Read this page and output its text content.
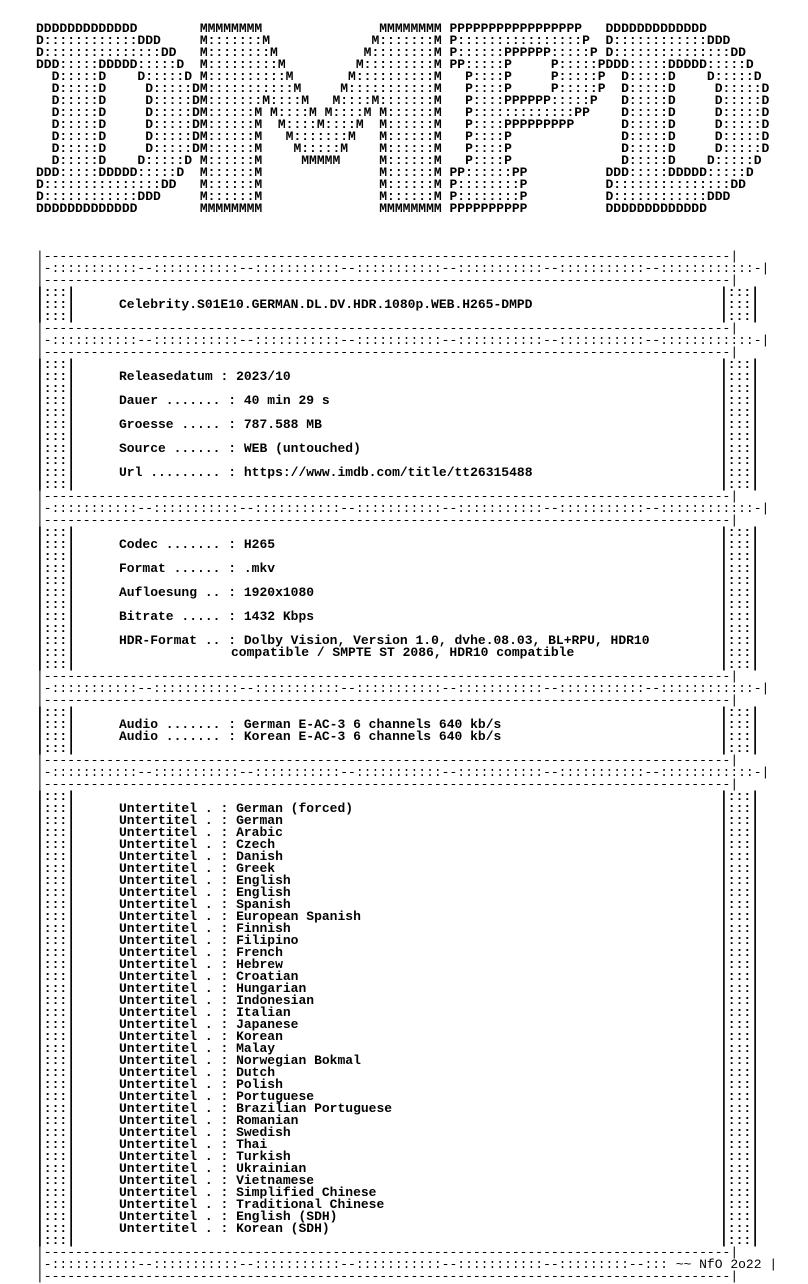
DDDDDDDDDDDDD        MMMMMMMM               MMMMMMMM PPPPPPPPPPPPPPPPP   DDDDDDDDDDDDD
D::::::::::::DDD     M:::::::M             M:::::::M P::::::::::::::::P  D::::::::::::DDD
D:::::::::::::::DD   M::::::::M           M::::::::M P::::::PPPPPP:::::P D:::::::::::::::DD
DDD:::::DDDDD:::::D  M:::::::::M         M:::::::::M PP:::::P     P:::::PDDD:::::DDDDD:::::D
D:::::D    D:::::D M::::::::::M       M::::::::::M   P::::P     P:::::P  D:::::D    D:::::D
D:::::D     D:::::DM:::::::::::M     M:::::::::::M   P::::P     P:::::P  D:::::D     D:::::D
D:::::D     D:::::DM:::::::M::::M   M::::M:::::::M   P::::PPPPPP:::::P   D:::::D     D:::::D
D:::::D     D:::::DM::::::M M::::M M::::M M::::::M   P:::::::::::::PP    D:::::D     D:::::D
D:::::D     D:::::DM::::::M  M::::M::::M  M::::::M   P::::PPPPPPPPP      D:::::D     D:::::D
D:::::D     D:::::DM::::::M   M:::::::M   M::::::M   P::::P              D:::::D     D:::::D
D:::::D     D:::::DM::::::M    M:::::M    M::::::M   P::::P              D:::::D     D:::::D
D:::::D    D:::::D M::::::M     MMMMM     M::::::M   P::::P              D:::::D    D:::::D
DDD:::::DDDDD:::::D  M::::::M               M::::::M PP::::::PP          DDD:::::DDDDD:::::D
D:::::::::::::::DD   M::::::M               M::::::M P::::::::P          D:::::::::::::::DD
D::::::::::::DDD     M::::::M               M::::::M P::::::::P          D::::::::::::DDD
DDDDDDDDDDDDD        MMMMMMMM               MMMMMMMM PPPPPPPPPP          DDDDDDDDDDDDD
|----------------------------------------------------------------------------------------|
|-:::::::::::--:::::::::::--:::::::::::--:::::::::::--:::::::::::--:::::::::::--::::::::::::-|
|----------------------------------------------------------------------------------------|
|:::|
|:::|
|:::|
|:::|
|:::|
|:::|
Celebrity.S01E10.GERMAN.DL.DV.HDR.1080p.WEB.H265-DMPD
|----------------------------------------------------------------------------------------|
|-:::::::::::--:::::::::::--:::::::::::--:::::::::::--:::::::::::--:::::::::::--::::::::::::-|
|----------------------------------------------------------------------------------------|
|:::|
|:::|
|:::|
|:::|
|:::|
|:::|
|:::|
|:::|
|:::|
|:::|
|:::|
|:::|
|:::|
|:::|
|:::|
|:::|
|:::|
|:::|
|:::|
|:::|
|:::|
|:::|
Releasedatum : 2023/10
Dauer ....... : 40 min 29 s
Groesse ..... : 787.588 MB
Source ...... : WEB (untouched)
Url ......... : https://www.imdb.com/title/tt26315488
|----------------------------------------------------------------------------------------|
|-:::::::::::--:::::::::::--:::::::::::--:::::::::::--:::::::::::--:::::::::::--::::::::::::-|
|----------------------------------------------------------------------------------------|
|:::|
|:::|
|:::|
|:::|
|:::|
|:::|
|:::|
|:::|
|:::|
|:::|
|:::|
|:::|
|:::|
|:::|
|:::|
|:::|
|:::|
|:::|
|:::|
|:::|
|:::|
|:::|
|:::|
|:::|
Codec ....... : H265
Format ...... : .mkv
Aufloesung .. : 1920x1080
Bitrate ..... : 1432 Kbps
HDR-Format .. : Dolby Vision, Version 1.0, dvhe.08.03, BL+RPU, HDR10
compatible / SMPTE ST 2086, HDR10 compatible
|----------------------------------------------------------------------------------------|
|-:::::::::::--:::::::::::--:::::::::::--:::::::::::--:::::::::::--:::::::::::--::::::::::::-|
|----------------------------------------------------------------------------------------|
|:::|
|:::|
|:::|
|:::|
|:::|
|:::|
|:::|
|:::|
Audio ....... : German E-AC-3 6 channels 640 kb/s
Audio ....... : Korean E-AC-3 6 channels 640 kb/s
|----------------------------------------------------------------------------------------|
|-:::::::::::--:::::::::::--:::::::::::--:::::::::::--:::::::::::--:::::::::::--::::::::::::-|
|----------------------------------------------------------------------------------------|
|:::|
|:::|
|:::|
|:::|
|:::|
|:::|
|:::|
|:::|
|:::|
|:::|
|:::|
|:::|
|:::|
|:::|
|:::|
|:::|
|:::|
|:::|
|:::|
|:::|
|:::|
|:::|
|:::|
|:::|
|:::|
|:::|
|:::|
|:::|
|:::|
|:::|
|:::|
|:::|
|:::|
|:::|
|:::|
|:::|
|:::|
|:::|
|:::|
|:::|
|:::|
|:::|
|:::|
|:::|
|:::|
|:::|
|:::|
|:::|
|:::|
|:::|
|:::|
|:::|
|:::|
|:::|
|:::|
|:::|
|:::|
|:::|
|:::|
|:::|
|:::|
|:::|
|:::|
|:::|
|:::|
|:::|
|:::|
|:::|
|:::|
|:::|
|:::|
|:::|
|:::|
|:::|
|:::|
|:::|
Untertitel . : German (forced)
Untertitel . : German
Untertitel . : Arabic
Untertitel . : Czech
Untertitel . : Danish
Untertitel . : Greek
Untertitel . : English
Untertitel . : English
Untertitel . : Spanish
Untertitel . : European Spanish
Untertitel . : Finnish
Untertitel . : Filipino
Untertitel . : French
Untertitel . : Hebrew
Untertitel . : Croatian
Untertitel . : Hungarian
Untertitel . : Indonesian
Untertitel . : Italian
Untertitel . : Japanese
Untertitel . : Korean
Untertitel . : Malay
Untertitel . : Norwegian Bokmal
Untertitel . : Dutch
Untertitel . : Polish
Untertitel . : Portuguese
Untertitel . : Brazilian Portuguese
Untertitel . : Romanian
Untertitel . : Swedish
Untertitel . : Thai
Untertitel . : Turkish
Untertitel . : Ukrainian
Untertitel . : Vietnamese
Untertitel . : Simplified Chinese
Untertitel . : Traditional Chinese
Untertitel . : English (SDH)
Untertitel . : Korean (SDH)
|----------------------------------------------------------------------------------------|
|-:::::::::::--:::::::::::--:::::::::::--:::::::::::--:::::::::::--:::::::::--::: ~~ NfO 2o22 |
|----------------------------------------------------------------------------------------|
